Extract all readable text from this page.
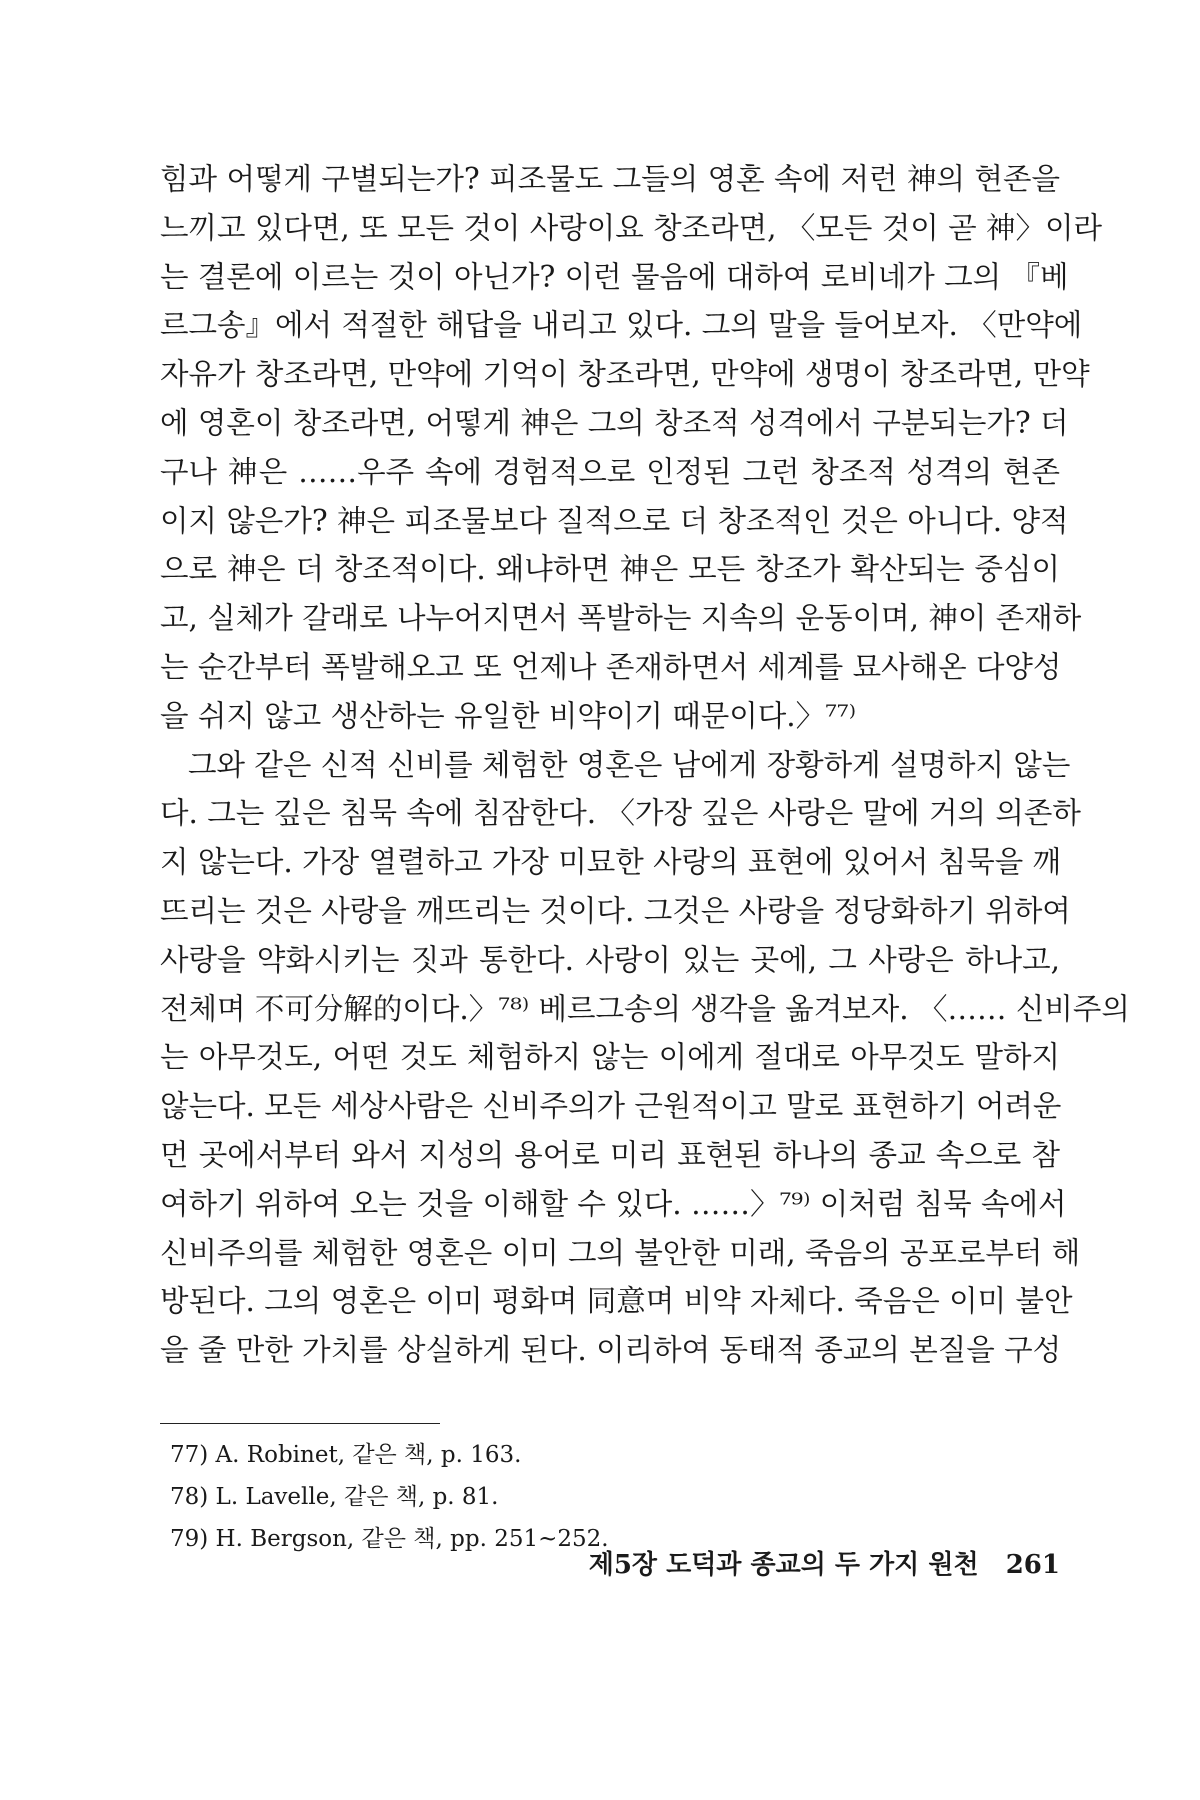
힘과 어떻게 구별되는가? 피조물도 그들의 영혼 속에 저런 神의 현존을
느끼고 있다면, 또 모든 것이 사랑이요 창조라면, 〈모든 것이 곧 神〉이라
는 결론에 이르는 것이 아닌가? 이런 물음에 대하여 로비네가 그의 『베
르그송』에서 적절한 해답을 내리고 있다. 그의 말을 들어보자. 〈만약에
자유가 창조라면, 만약에 기억이 창조라면, 만약에 생명이 창조라면, 만약
에 영혼이 창조라면, 어떻게 神은 그의 창조적 성격에서 구분되는가? 더
구나 神은 ……우주 속에 경험적으로 인정된 그런 창조적 성격의 현존
이지 않은가? 神은 피조물보다 질적으로 더 창조적인 것은 아니다. 양적
으로 神은 더 창조적이다. 왜냐하면 神은 모든 창조가 확산되는 중심이
고, 실체가 갈래로 나누어지면서 폭발하는 지속의 운동이며, 神이 존재하
는 순간부터 폭발해오고 또 언제나 존재하면서 세계를 묘사해온 다양성
을 쉬지 않고 생산하는 유일한 비약이기 때문이다.〉⁷⁷⁾
그와 같은 신적 신비를 체험한 영혼은 남에게 장황하게 설명하지 않는
다. 그는 깊은 침묵 속에 침잠한다. 〈가장 깊은 사랑은 말에 거의 의존하
지 않는다. 가장 열렬하고 가장 미묘한 사랑의 표현에 있어서 침묵을 깨
뜨리는 것은 사랑을 깨뜨리는 것이다. 그것은 사랑을 정당화하기 위하여
사랑을 약화시키는 짓과 통한다. 사랑이 있는 곳에, 그 사랑은 하나고,
전체며 不可分解的이다.〉⁷⁸⁾ 베르그송의 생각을 옮겨보자. 〈…… 신비주의
는 아무것도, 어떤 것도 체험하지 않는 이에게 절대로 아무것도 말하지
않는다. 모든 세상사람은 신비주의가 근원적이고 말로 표현하기 어려운
먼 곳에서부터 와서 지성의 용어로 미리 표현된 하나의 종교 속으로 참
여하기 위하여 오는 것을 이해할 수 있다. ……〉⁷⁹⁾ 이처럼 침묵 속에서
신비주의를 체험한 영혼은 이미 그의 불안한 미래, 죽음의 공포로부터 해
방된다. 그의 영혼은 이미 평화며 同意며 비약 자체다. 죽음은 이미 불안
을 줄 만한 가치를 상실하게 된다. 이리하여 동태적 종교의 본질을 구성
77) A. Robinet, 같은 책, p. 163.
78) L. Lavelle, 같은 책, p. 81.
79) H. Bergson, 같은 책, pp. 251~252.
제5장 도덕과 종교의 두 가지 원천 261
